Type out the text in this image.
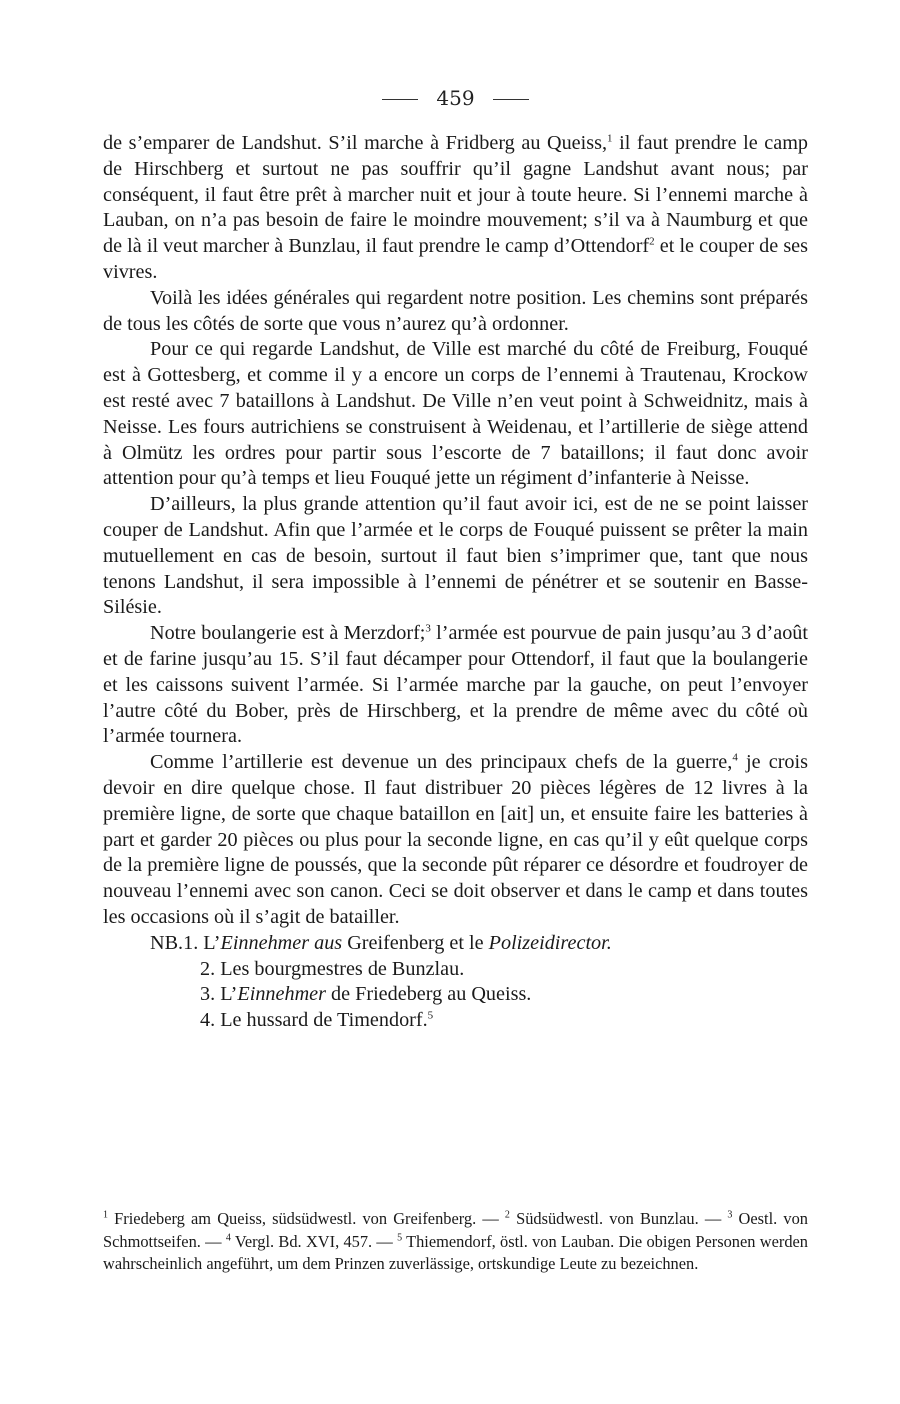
459

de s’emparer de Landshut. S’il marche à Fridberg au Queiss,$^1$ il faut prendre le camp de Hirschberg et surtout ne pas souffrir qu’il gagne Landshut avant nous; par conséquent, il faut être prêt à marcher nuit et jour à toute heure. Si l’ennemi marche à Lauban, on n’a pas besoin de faire le moindre mouvement; s’il va à Naumburg et que de là il veut marcher à Bunzlau, il faut prendre le camp d’Ottendorf$^2$ et le couper de ses vivres.

Voilà les idées générales qui regardent notre position. Les chemins sont préparés de tous les côtés de sorte que vous n’aurez qu’à ordonner.

Pour ce qui regarde Landshut, de Ville est marché du côté de Freiburg, Fouqué est à Gottesberg, et comme il y a encore un corps de l’ennemi à Trautenau, Krockow est resté avec 7 bataillons à Landshut. De Ville n’en veut point à Schweidnitz, mais à Neisse. Les fours autrichiens se construisent à Weidenau, et l’artillerie de siège attend à Olmütz les ordres pour partir sous l’escorte de 7 bataillons; il faut donc avoir attention pour qu’à temps et lieu Fouqué jette un régiment d’infanterie à Neisse.

D’ailleurs, la plus grande attention qu’il faut avoir ici, est de ne se point laisser couper de Landshut. Afin que l’armée et le corps de Fouqué puissent se prêter la main mutuellement en cas de besoin, surtout il faut bien s’imprimer que, tant que nous tenons Landshut, il sera impossible à l’ennemi de pénétrer et se soutenir en Basse-Silésie.

Notre boulangerie est à Merzdorf;$^3$ l’armée est pourvue de pain jusqu’au 3 d’août et de farine jusqu’au 15. S’il faut décamper pour Ottendorf, il faut que la boulangerie et les caissons suivent l’armée. Si l’armée marche par la gauche, on peut l’envoyer l’autre côté du Bober, près de Hirschberg, et la prendre de même avec du côté où l’armée tournera.

Comme l’artillerie est devenue un des principaux chefs de la guerre,$^4$ je crois devoir en dire quelque chose. Il faut distribuer 20 pièces légères de 12 livres à la première ligne, de sorte que chaque bataillon en [ait] un, et ensuite faire les batteries à part et garder 20 pièces ou plus pour la seconde ligne, en cas qu’il y eût quelque corps de la première ligne de poussés, que la seconde pût réparer ce désordre et foudroyer de nouveau l’ennemi avec son canon. Ceci se doit observer et dans le camp et dans toutes les occasions où il s’agit de batailler.

NB.1. L’Einnehmer aus Greifenberg et le Polizeidirector.

2. Les bourgmestres de Bunzlau.

3. L’Einnehmer de Friedeberg au Queiss.

4. Le hussard de Timendorf.$^5$

$^1$ Friedeberg am Queiss, südsüdwestl. von Greifenberg. — $^2$ Südsüdwestl. von Bunzlau. — $^3$ Oestl. von Schmottseifen. — $^4$ Vergl. Bd. XVI, 457. — $^5$ Thiemendorf, östl. von Lauban. Die obigen Personen werden wahrscheinlich angeführt, um dem Prinzen zuverlässige, ortskundige Leute zu bezeichnen.
